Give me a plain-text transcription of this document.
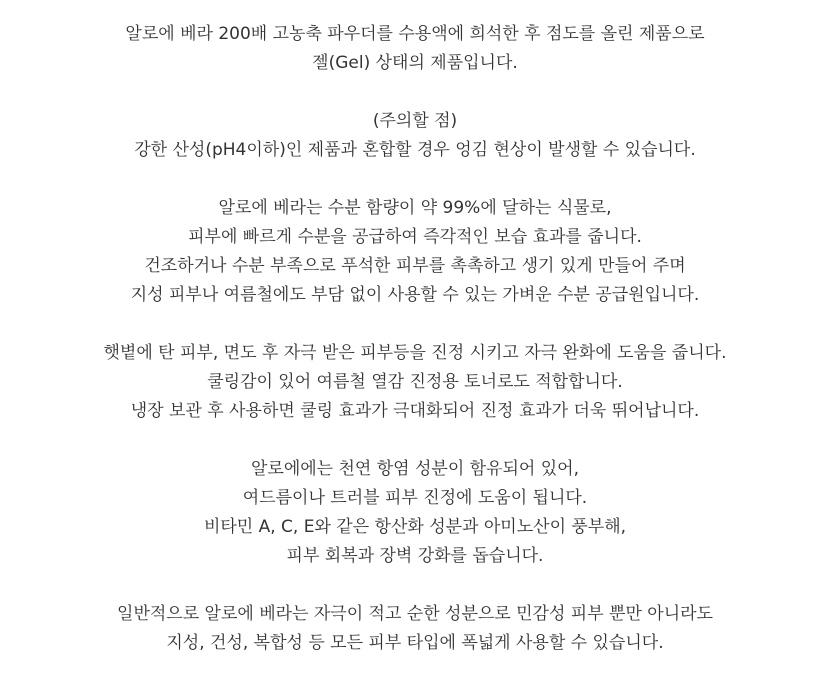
알로에 베라 200배 고농축 파우더를 수용액에 희석한 후 점도를 올린 제품으로
젤(Gel) 상태의 제품입니다.

(주의할 점)
강한 산성(pH4이하)인 제품과 혼합할 경우 엉김 현상이 발생할 수 있습니다.

알로에 베라는 수분 함량이 약 99%에 달하는 식물로,
피부에 빠르게 수분을 공급하여 즉각적인 보습 효과를 줍니다.
건조하거나 수분 부족으로 푸석한 피부를 촉촉하고 생기 있게 만들어 주며
지성 피부나 여름철에도 부담 없이 사용할 수 있는 가벼운 수분 공급원입니다.

햇볕에 탄 피부, 면도 후 자극 받은 피부등을 진정 시키고 자극 완화에 도움을 줍니다.
쿨링감이 있어 여름철 열감 진정용 토너로도 적합합니다.
냉장 보관 후 사용하면 쿨링 효과가 극대화되어 진정 효과가 더욱 뛰어납니다.

알로에에는 천연 항염 성분이 함유되어 있어,
여드름이나 트러블 피부 진정에 도움이 됩니다.
비타민 A, C, E와 같은 항산화 성분과 아미노산이 풍부해,
피부 회복과 장벽 강화를 돕습니다.

일반적으로 알로에 베라는 자극이 적고 순한 성분으로 민감성 피부 뿐만 아니라도
지성, 건성, 복합성 등 모든 피부 타입에 폭넓게 사용할 수 있습니다.
